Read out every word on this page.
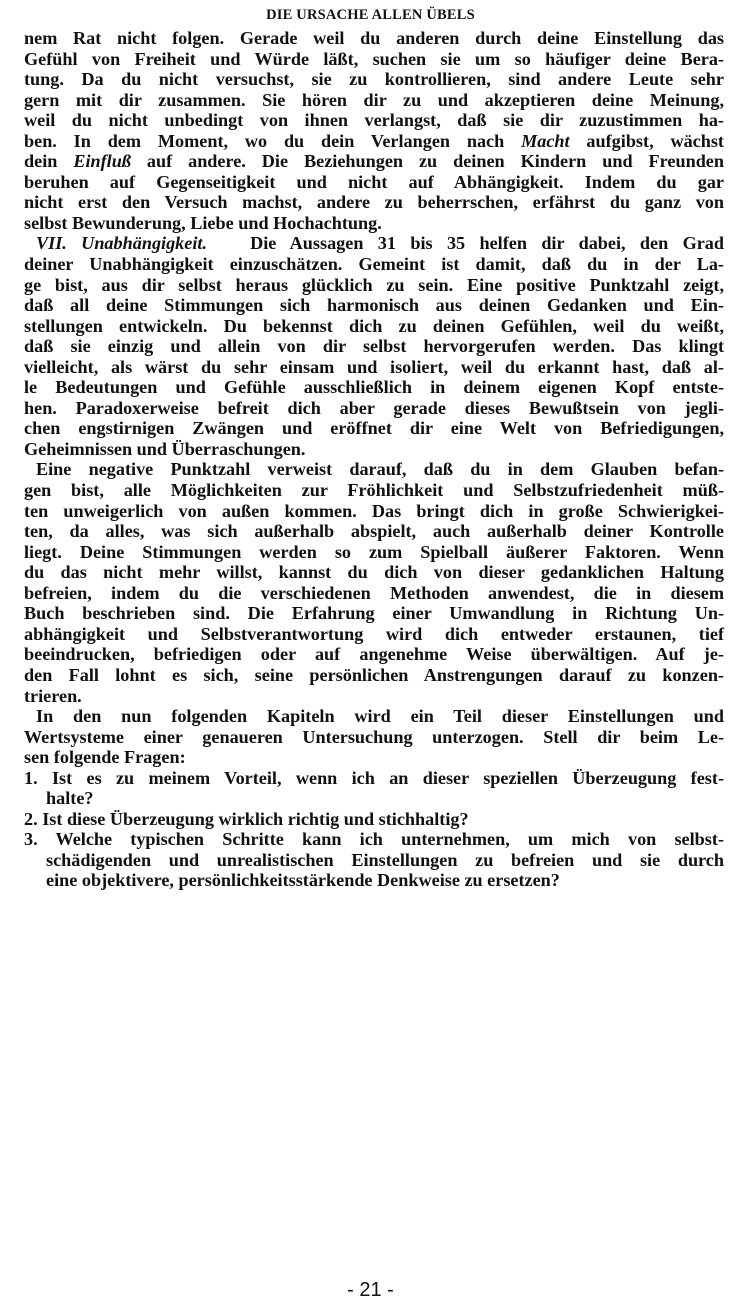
DIE URSACHE ALLEN ÜBELS
nem Rat nicht folgen. Gerade weil du anderen durch deine Einstellung das
Gefühl von Freiheit und Würde läßt, suchen sie um so häufiger deine Bera-
tung. Da du nicht versuchst, sie zu kontrollieren, sind andere Leute sehr
gern mit dir zusammen. Sie hören dir zu und akzeptieren deine Meinung,
weil du nicht unbedingt von ihnen verlangst, daß sie dir zuzustimmen ha-
ben. In dem Moment, wo du dein Verlangen nach Macht aufgibst, wächst
dein Einfluß auf andere. Die Beziehungen zu deinen Kindern und Freunden
beruhen auf Gegenseitigkeit und nicht auf Abhängigkeit. Indem du gar
nicht erst den Versuch machst, andere zu beherrschen, erfährst du ganz von
selbst Bewunderung, Liebe und Hochachtung.
VII. Unabhängigkeit.   Die Aussagen 31 bis 35 helfen dir dabei, den Grad
deiner Unabhängigkeit einzuschätzen. Gemeint ist damit, daß du in der La-
ge bist, aus dir selbst heraus glücklich zu sein. Eine positive Punktzahl zeigt,
daß all deine Stimmungen sich harmonisch aus deinen Gedanken und Ein-
stellungen entwickeln. Du bekennst dich zu deinen Gefühlen, weil du weißt,
daß sie einzig und allein von dir selbst hervorgerufen werden. Das klingt
vielleicht, als wärst du sehr einsam und isoliert, weil du erkannt hast, daß al-
le Bedeutungen und Gefühle ausschließlich in deinem eigenen Kopf entste-
hen. Paradoxerweise befreit dich aber gerade dieses Bewußtsein von jegli-
chen engstirnigen Zwängen und eröffnet dir eine Welt von Befriedigungen,
Geheimnissen und Überraschungen.
Eine negative Punktzahl verweist darauf, daß du in dem Glauben befan-
gen bist, alle Möglichkeiten zur Fröhlichkeit und Selbstzufriedenheit müß-
ten unweigerlich von außen kommen. Das bringt dich in große Schwierigkei-
ten, da alles, was sich außerhalb abspielt, auch außerhalb deiner Kontrolle
liegt. Deine Stimmungen werden so zum Spielball äußerer Faktoren. Wenn
du das nicht mehr willst, kannst du dich von dieser gedanklichen Haltung
befreien, indem du die verschiedenen Methoden anwendest, die in diesem
Buch beschrieben sind. Die Erfahrung einer Umwandlung in Richtung Un-
abhängigkeit und Selbstverantwortung wird dich entweder erstaunen, tief
beeindrucken, befriedigen oder auf angenehme Weise überwältigen. Auf je-
den Fall lohnt es sich, seine persönlichen Anstrengungen darauf zu konzen-
trieren.
In den nun folgenden Kapiteln wird ein Teil dieser Einstellungen und
Wertsysteme einer genaueren Untersuchung unterzogen. Stell dir beim Le-
sen folgende Fragen:
1. Ist es zu meinem Vorteil, wenn ich an dieser speziellen Überzeugung fest-
halte?
2. Ist diese Überzeugung wirklich richtig und stichhaltig?
3. Welche typischen Schritte kann ich unternehmen, um mich von selbst-
schädigenden und unrealistischen Einstellungen zu befreien und sie durch
eine objektivere, persönlichkeitsstärkende Denkweise zu ersetzen?
- 21 -
